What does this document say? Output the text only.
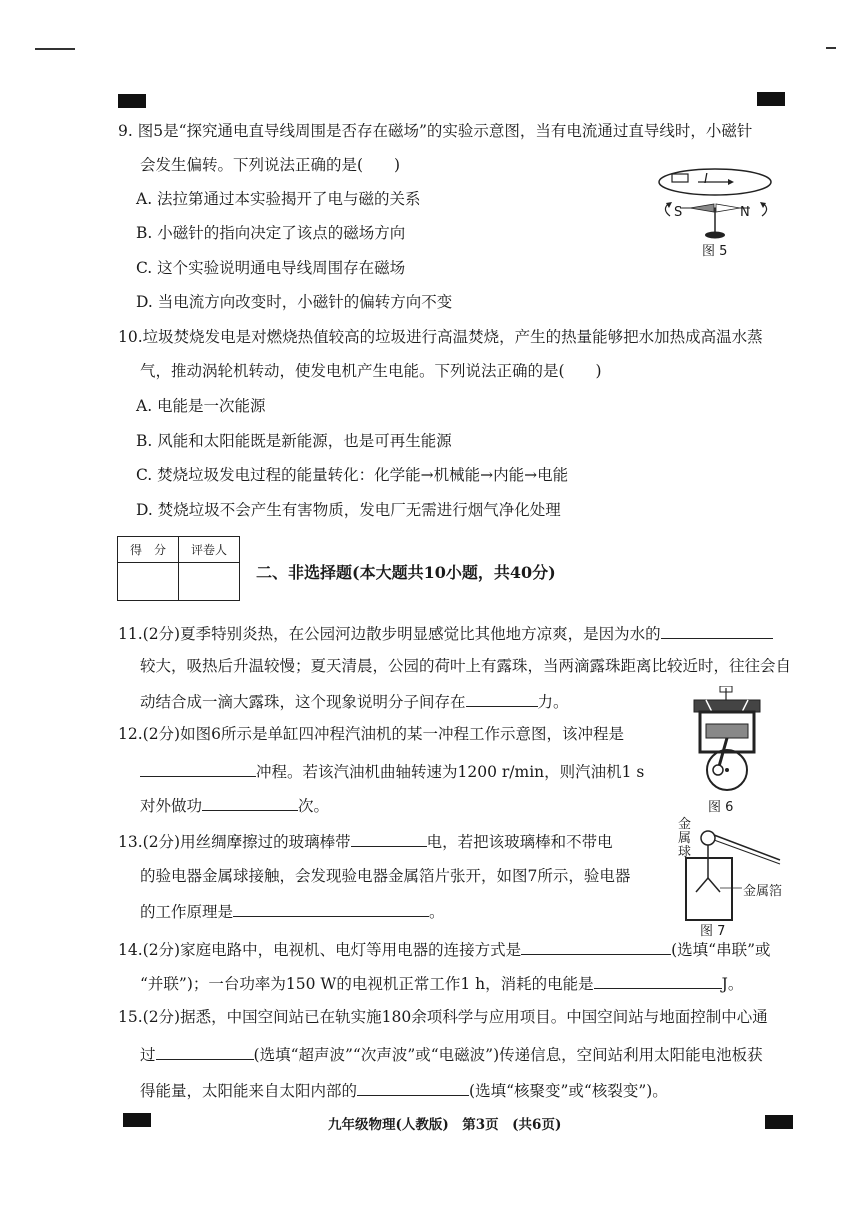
9. 图5是“探究通电直导线周围是否存在磁场”的实验示意图，当有电流通过直导线时，小磁针
会发生偏转。下列说法正确的是(　　)
A. 法拉第通过本实验揭开了电与磁的关系
B. 小磁针的指向决定了该点的磁场方向
C. 这个实验说明通电导线周围存在磁场
D. 当电流方向改变时，小磁针的偏转方向不变
I
S	N
图 5
10.垃圾焚烧发电是对燃烧热值较高的垃圾进行高温焚烧，产生的热量能够把水加热成高温水蒸
气，推动涡轮机转动，使发电机产生电能。下列说法正确的是(　　)
A. 电能是一次能源
B. 风能和太阳能既是新能源，也是可再生能源
C. 焚烧垃圾发电过程的能量转化：化学能→机械能→内能→电能
D. 焚烧垃圾不会产生有害物质，发电厂无需进行烟气净化处理
得　分	评卷人

二、非选择题(本大题共10小题，共40分)
11.(2分)夏季特别炎热，在公园河边散步明显感觉比其他地方凉爽，是因为水的
较大，吸热后升温较慢；夏天清晨，公园的荷叶上有露珠，当两滴露珠距离比较近时，往往会自
动结合成一滴大露珠，这个现象说明分子间存在	力。
12.(2分)如图6所示是单缸四冲程汽油机的某一冲程工作示意图，该冲程是
冲程。若该汽油机曲轴转速为1200 r/min，则汽油机1 s
对外做功	次。	图 6
13.(2分)用丝绸摩擦过的玻璃棒带	电，若把该玻璃棒和不带电
的验电器金属球接触，会发现验电器金属箔片张开，如图7所示，验电器
的工作原理是	。
金属球
金属箔
图 7
14.(2分)家庭电路中，电视机、电灯等用电器的连接方式是	(选填“串联”或
“并联”)；一台功率为150 W的电视机正常工作1 h，消耗的电能是	J。
15.(2分)据悉，中国空间站已在轨实施180余项科学与应用项目。中国空间站与地面控制中心通
过	(选填“超声波”“次声波”或“电磁波”)传递信息，空间站利用太阳能电池板获
得能量，太阳能来自太阳内部的	(选填“核聚变”或“核裂变”)。
九年级物理(人教版)　第3页　(共6页)
